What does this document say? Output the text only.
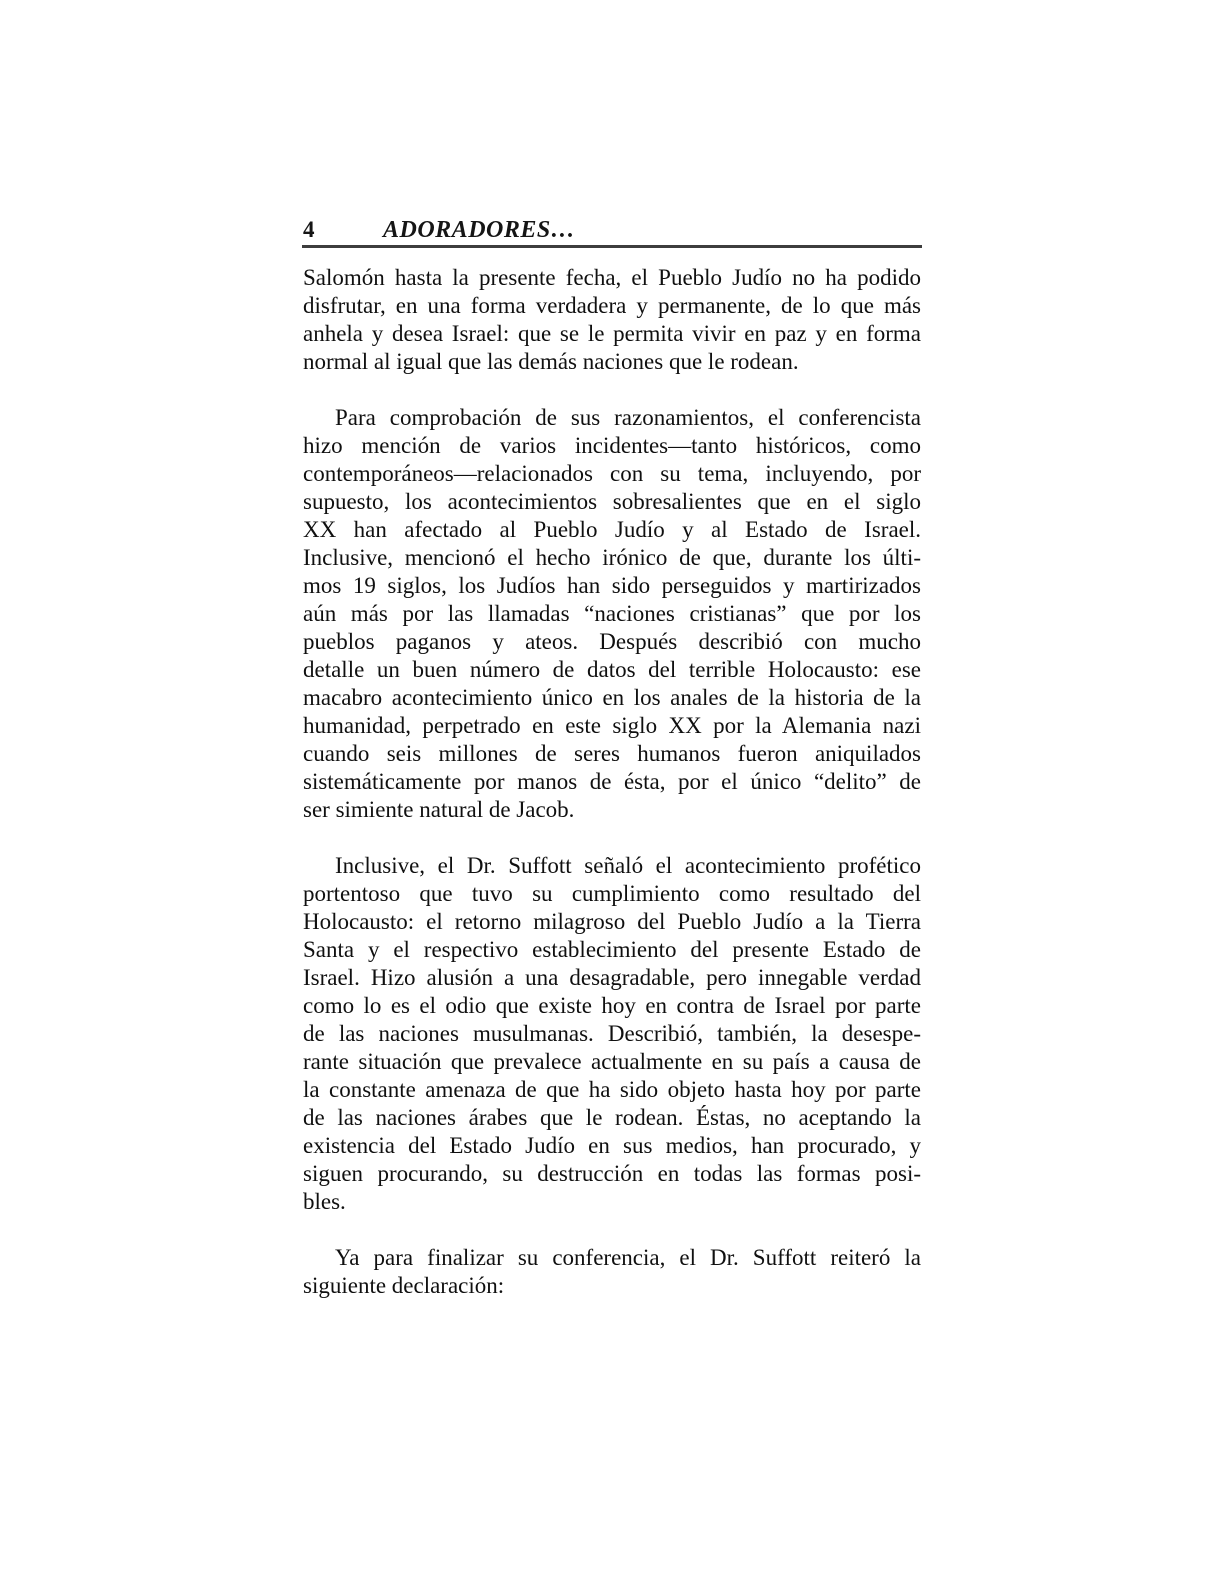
4	ADORADORES…
Salomón hasta la presente fecha, el Pueblo Judío no ha podido
disfrutar, en una forma verdadera y permanente, de lo que más
anhela y desea Israel: que se le permita vivir en paz y en forma
normal al igual que las demás naciones que le rodean.
Para comprobación de sus razonamientos, el conferencista
hizo mención de varios incidentes—tanto históricos, como
contemporáneos—relacionados con su tema, incluyendo, por
supuesto, los acontecimientos sobresalientes que en el siglo
XX han afectado al Pueblo Judío y al Estado de Israel.
Inclusive, mencionó el hecho irónico de que, durante los últi-
mos 19 siglos, los Judíos han sido perseguidos y martirizados
aún más por las llamadas “naciones cristianas” que por los
pueblos paganos y ateos. Después describió con mucho
detalle un buen número de datos del terrible Holocausto: ese
macabro acontecimiento único en los anales de la historia de la
humanidad, perpetrado en este siglo XX por la Alemania nazi
cuando seis millones de seres humanos fueron aniquilados
sistemáticamente por manos de ésta, por el único “delito” de
ser simiente natural de Jacob.
Inclusive, el Dr. Suffott señaló el acontecimiento profético
portentoso que tuvo su cumplimiento como resultado del
Holocausto: el retorno milagroso del Pueblo Judío a la Tierra
Santa y el respectivo establecimiento del presente Estado de
Israel. Hizo alusión a una desagradable, pero innegable verdad
como lo es el odio que existe hoy en contra de Israel por parte
de las naciones musulmanas. Describió, también, la desespe-
rante situación que prevalece actualmente en su país a causa de
la constante amenaza de que ha sido objeto hasta hoy por parte
de las naciones árabes que le rodean. Éstas, no aceptando la
existencia del Estado Judío en sus medios, han procurado, y
siguen procurando, su destrucción en todas las formas posi-
bles.
Ya para finalizar su conferencia, el Dr. Suffott reiteró la
siguiente declaración:
